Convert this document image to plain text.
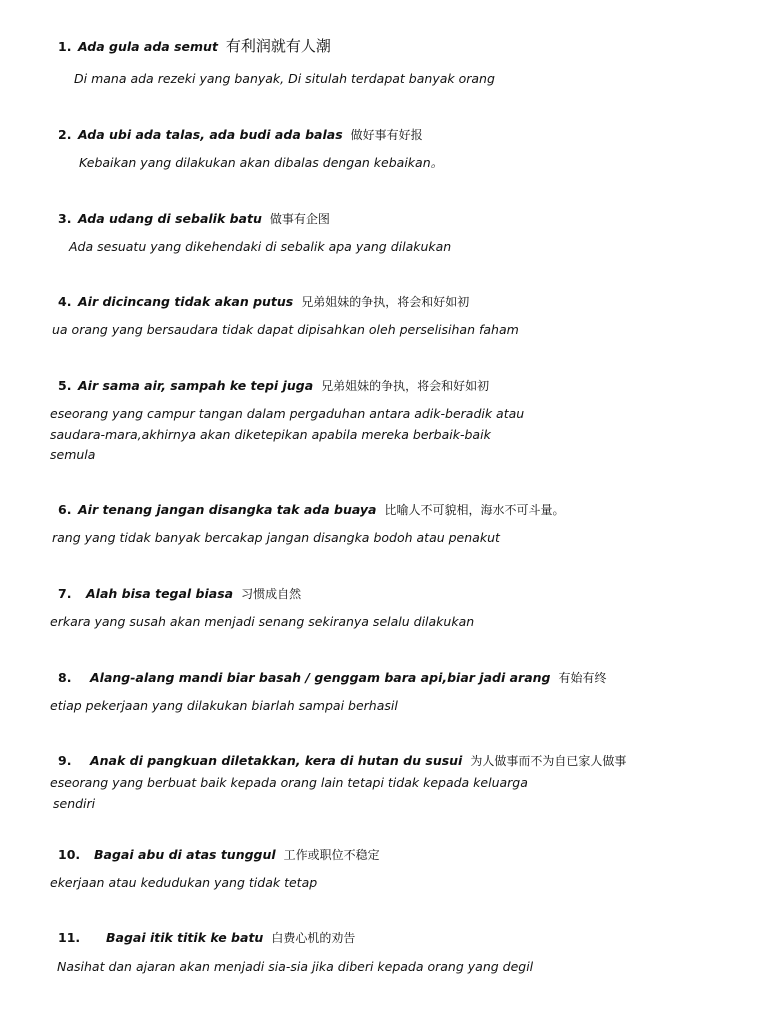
1. Ada gula ada semut 有利润就有人潮
Di mana ada rezeki yang banyak, Di situlah terdapat banyak orang
2. Ada ubi ada talas, ada budi ada balas 做好事有好报
Kebaikan yang dilakukan akan dibalas dengan kebaikan。
3. Ada udang di sebalik batu 做事有企图
Ada sesuatu yang dikehendaki di sebalik apa yang dilakukan
4. Air dicincang tidak akan putus 兄弟姐妹的争执，将会和好如初
ua orang yang bersaudara tidak dapat dipisahkan oleh perselisihan faham
5. Air sama air, sampah ke tepi juga 兄弟姐妹的争执，将会和好如初
eseorang yang campur tangan dalam pergaduhan antara adik-beradik atau
saudara-mara,akhirnya akan diketepikan apabila mereka berbaik-baik
semula
6. Air tenang jangan disangka tak ada buaya 比喻人不可貌相，海水不可斗量。
rang yang tidak banyak bercakap jangan disangka bodoh atau penakut
7. Alah bisa tegal biasa 习惯成自然
erkara yang susah akan menjadi senang sekiranya selalu dilakukan
8. Alang-alang mandi biar basah / genggam bara api,biar jadi arang 有始有终
etiap pekerjaan yang dilakukan biarlah sampai berhasil
9. Anak di pangkuan diletakkan, kera di hutan du susui 为人做事而不为自已家人做事
eseorang yang berbuat baik kepada orang lain tetapi tidak kepada keluarga
sendiri
10. Bagai abu di atas tunggul 工作或职位不稳定
ekerjaan atau kedudukan yang tidak tetap
11. Bagai itik titik ke batu 白费心机的劝告
Nasihat dan ajaran akan menjadi sia-sia jika diberi kepada orang yang degil
